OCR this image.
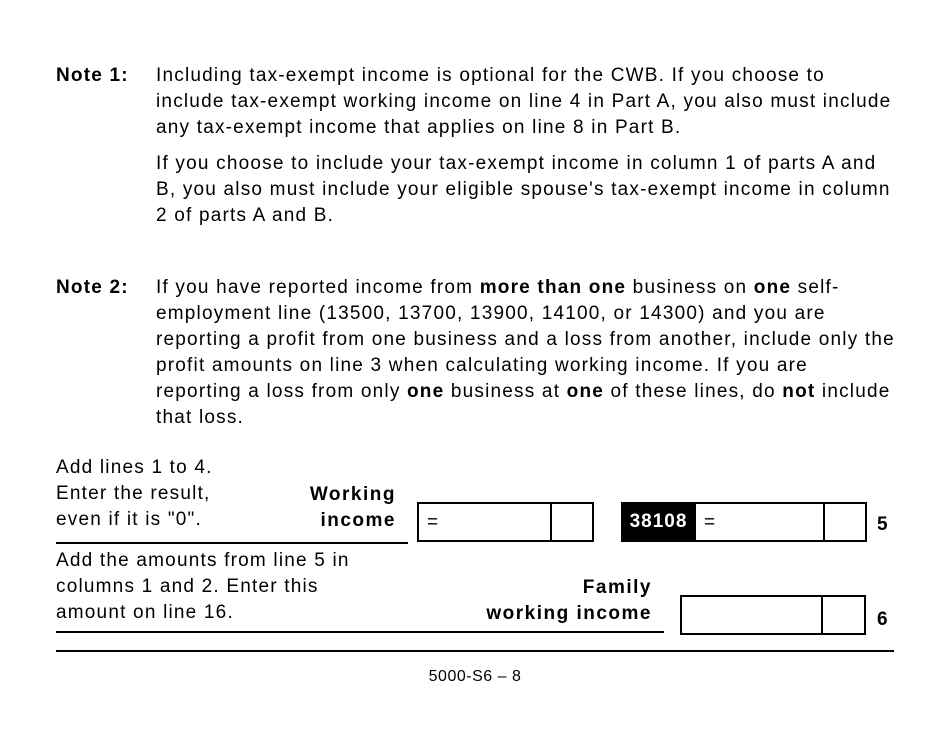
Note 1: Including tax-exempt income is optional for the CWB. If you choose to include tax-exempt working income on line 4 in Part A, you also must include any tax-exempt income that applies on line 8 in Part B.

If you choose to include your tax-exempt income in column 1 of parts A and B, you also must include your eligible spouse's tax-exempt income in column 2 of parts A and B.

Note 2: If you have reported income from more than one business on one self-employment line (13500, 13700, 13900, 14100, or 14300) and you are reporting a profit from one business and a loss from another, include only the profit amounts on line 3 when calculating working income. If you are reporting a loss from only one business at one of these lines, do not include that loss.

Add lines 1 to 4.
Enter the result,
even if it is "0".
Working
income =	38108 =	5
Add the amounts from line 5 in
columns 1 and 2. Enter this
amount on line 16.
Family
working income	6
5000-S6 – 8
